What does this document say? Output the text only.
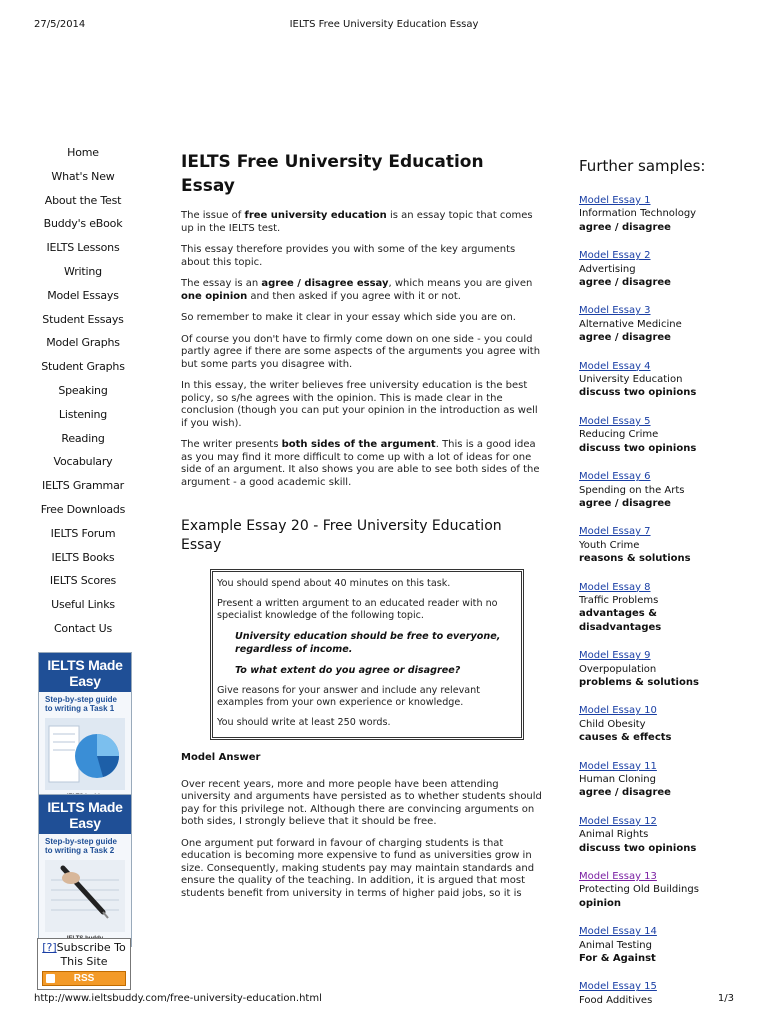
27/5/2014	IELTS Free University Education Essay
Home
What's New
About the Test
Buddy's eBook
IELTS Lessons
Writing
Model Essays
Student Essays
Model Graphs
Student Graphs
Speaking
Listening
Reading
Vocabulary
IELTS Grammar
Free Downloads
IELTS Forum
IELTS Books
IELTS Scores
Useful Links
Contact Us
IELTS Made Easy
Step-by-step guide to writing a Task 1
IELTS Made Easy
Step-by-step guide to writing a Task 2
[?]Subscribe To This Site

RSS
IELTS Free University Education Essay

The issue of free university education is an essay topic that comes up in the IELTS test.

This essay therefore provides you with some of the key arguments about this topic.

The essay is an agree / disagree essay, which means you are given one opinion and then asked if you agree with it or not.

So remember to make it clear in your essay which side you are on.

Of course you don't have to firmly come down on one side - you could partly agree if there are some aspects of the arguments you agree with but some parts you disagree with.

In this essay, the writer believes free university education is the best policy, so s/he agrees with the opinion. This is made clear in the conclusion (though you can put your opinion in the introduction as well if you wish).

The writer presents both sides of the argument. This is a good idea as you may find it more difficult to come up with a lot of ideas for one side of an argument. It also shows you are able to see both sides of the argument - a good academic skill.

Example Essay 20 - Free University Education Essay

You should spend about 40 minutes on this task.

Present a written argument to an educated reader with no specialist knowledge of the following topic.

University education should be free to everyone, regardless of income.
To what extent do you agree or disagree?

Give reasons for your answer and include any relevant examples from your own experience or knowledge.

You should write at least 250 words.

Model Answer

Over recent years, more and more people have been attending university and arguments have persisted as to whether students should pay for this privilege not. Although there are convincing arguments on both sides, I strongly believe that it should be free.

One argument put forward in favour of charging students is that education is becoming more expensive to fund as universities grow in size. Consequently, making students pay may maintain standards and ensure the quality of the teaching. In addition, it is argued that most students benefit from university in terms of higher paid jobs, so it is

Further samples:
Model Essay 1
Information Technology
agree / disagree
Model Essay 2
Advertising
agree / disagree
Model Essay 3
Alternative Medicine
agree / disagree
Model Essay 4
University Education
discuss two opinions
Model Essay 5
Reducing Crime
discuss two opinions
Model Essay 6
Spending on the Arts
agree / disagree
Model Essay 7
Youth Crime
reasons & solutions
Model Essay 8
Traffic Problems
advantages & disadvantages
Model Essay 9
Overpopulation
problems & solutions
Model Essay 10
Child Obesity
causes & effects
Model Essay 11
Human Cloning
agree / disagree
Model Essay 12
Animal Rights
discuss two opinions
Model Essay 13
Protecting Old Buildings
opinion
Model Essay 14
Animal Testing
For & Against
Model Essay 15
Food Additives
http://www.ieltsbuddy.com/free-university-education.html	1/3
